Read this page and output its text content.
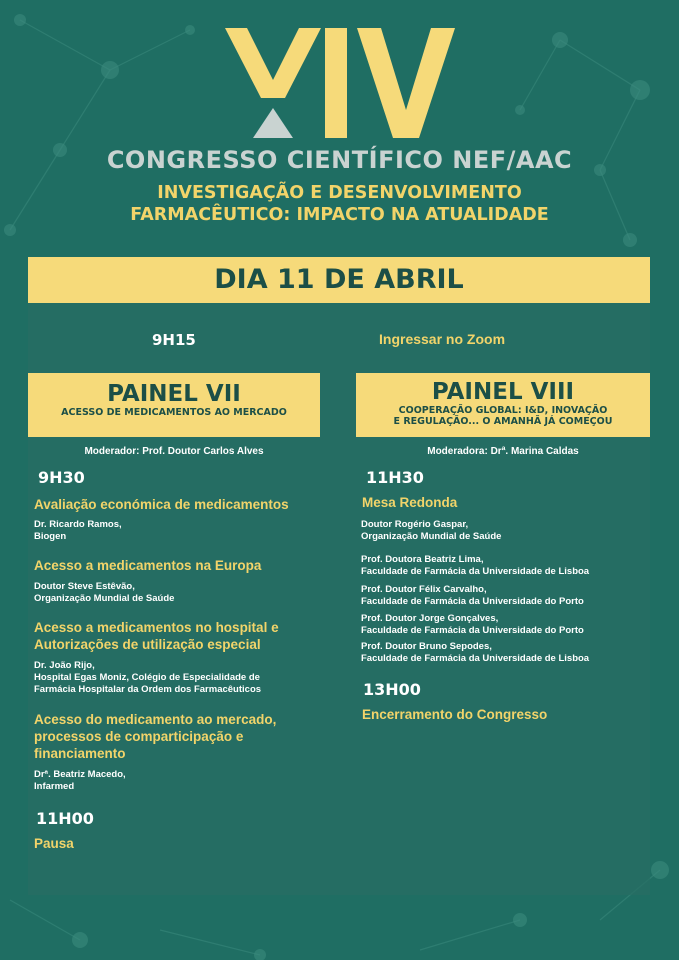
CONGRESSO CIENTÍFICO NEF/AAC
INVESTIGAÇÃO E DESENVOLVIMENTO
FARMACÊUTICO: IMPACTO NA ATUALIDADE
DIA 11 DE ABRIL
9H15	Ingressar no Zoom
PAINEL VII
ACESSO DE MEDICAMENTOS AO MERCADO
Moderador: Prof. Doutor Carlos Alves
9H30
Avaliação económica de medicamentos
Dr. Ricardo Ramos,
Biogen
Acesso a medicamentos na Europa
Doutor Steve Estêvão,
Organização Mundial de Saúde
Acesso a medicamentos no hospital e
Autorizações de utilização especial
Dr. João Rijo,
Hospital Egas Moniz, Colégio de Especialidade de
Farmácia Hospitalar da Ordem dos Farmacêuticos
Acesso do medicamento ao mercado,
processos de comparticipação e
financiamento
Drª. Beatriz Macedo,
Infarmed
11H00
Pausa
PAINEL VIII
COOPERAÇÃO GLOBAL: I&D, INOVAÇÃO
E REGULAÇÃO... O AMANHÃ JÁ COMEÇOU
Moderadora: Drª. Marina Caldas
11H30
Mesa Redonda
Doutor Rogério Gaspar,
Organização Mundial de Saúde
Prof. Doutora Beatriz Lima,
Faculdade de Farmácia da Universidade de Lisboa
Prof. Doutor Félix Carvalho,
Faculdade de Farmácia da Universidade do Porto
Prof. Doutor Jorge Gonçalves,
Faculdade de Farmácia da Universidade do Porto
Prof. Doutor Bruno Sepodes,
Faculdade de Farmácia da Universidade de Lisboa
13H00
Encerramento do Congresso
